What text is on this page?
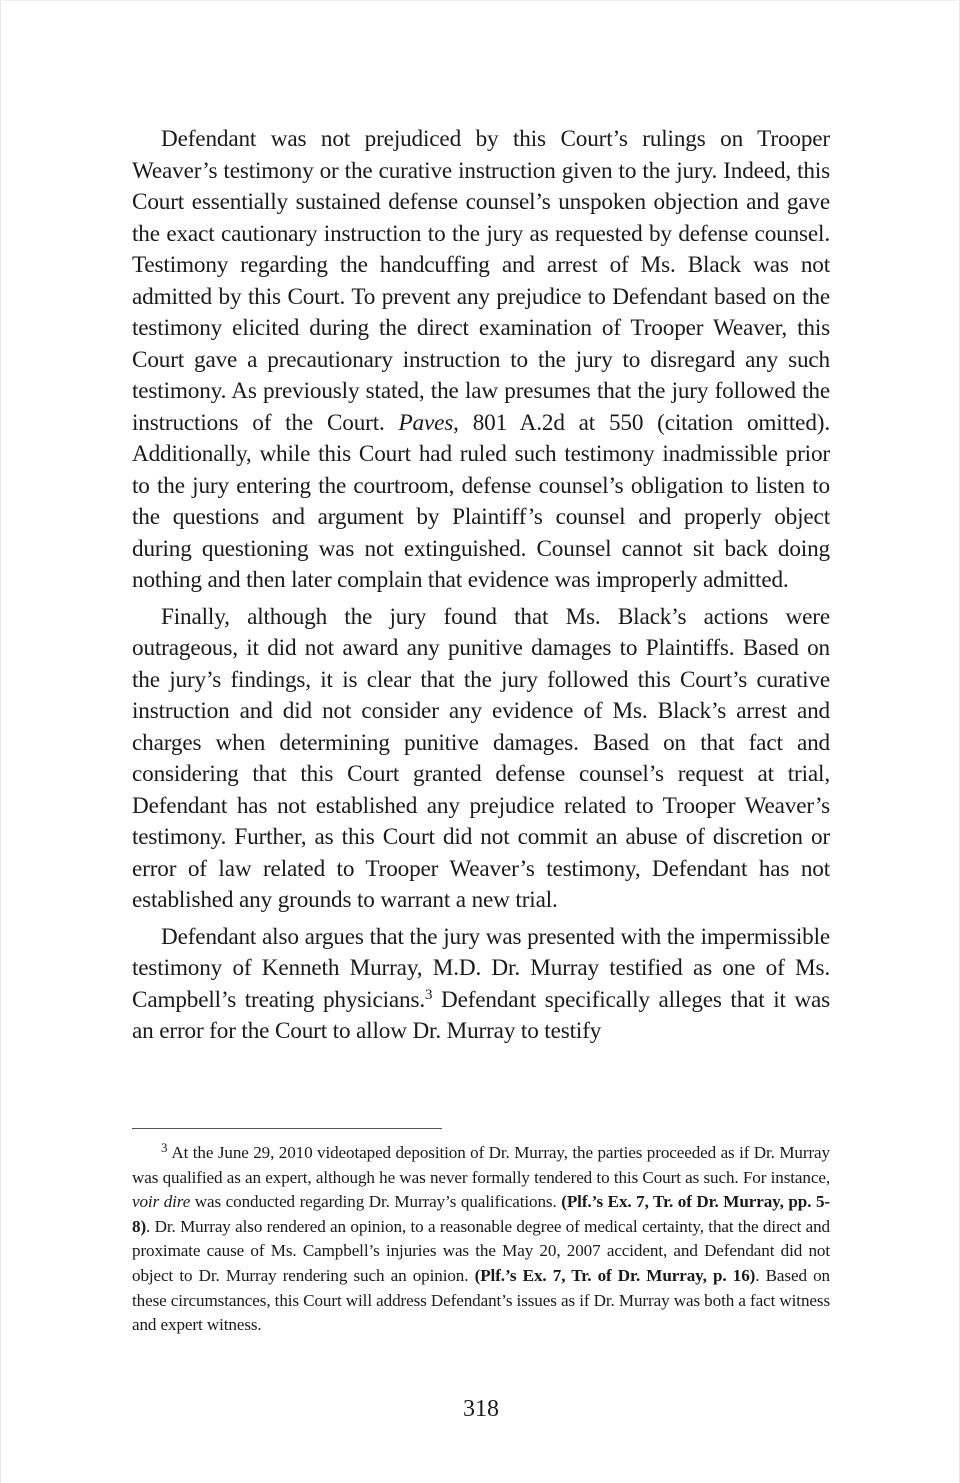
Defendant was not prejudiced by this Court’s rulings on Trooper Weaver’s testimony or the curative instruction given to the jury. Indeed, this Court essentially sustained defense counsel’s unspoken objection and gave the exact cautionary instruction to the jury as requested by defense counsel. Testimony regarding the handcuffing and arrest of Ms. Black was not admitted by this Court. To prevent any prejudice to Defendant based on the testimony elicited during the direct examination of Trooper Weaver, this Court gave a precautionary instruction to the jury to disregard any such testimony. As previously stated, the law presumes that the jury followed the instructions of the Court. Paves, 801 A.2d at 550 (citation omitted). Additionally, while this Court had ruled such testimony inadmissible prior to the jury entering the courtroom, defense counsel’s obligation to listen to the questions and argument by Plaintiff’s counsel and properly object during questioning was not extinguished. Counsel cannot sit back doing nothing and then later complain that evidence was improperly admitted.

Finally, although the jury found that Ms. Black’s actions were outrageous, it did not award any punitive damages to Plaintiffs. Based on the jury’s findings, it is clear that the jury followed this Court’s curative instruction and did not consider any evidence of Ms. Black’s arrest and charges when determining punitive damages. Based on that fact and considering that this Court granted defense counsel’s request at trial, Defendant has not established any prejudice related to Trooper Weaver’s testimony. Further, as this Court did not commit an abuse of discretion or error of law related to Trooper Weaver’s testimony, Defendant has not established any grounds to warrant a new trial.

Defendant also argues that the jury was presented with the impermissible testimony of Kenneth Murray, M.D. Dr. Murray testified as one of Ms. Campbell’s treating physicians.$^3$ Defendant specifically alleges that it was an error for the Court to allow Dr. Murray to testify

$^3$ At the June 29, 2010 videotaped deposition of Dr. Murray, the parties proceeded as if Dr. Murray was qualified as an expert, although he was never formally tendered to this Court as such. For instance, voir dire was conducted regarding Dr. Murray’s qualifications. (Plf.’s Ex. 7, Tr. of Dr. Murray, pp. 5-8). Dr. Murray also rendered an opinion, to a reasonable degree of medical certainty, that the direct and proximate cause of Ms. Campbell’s injuries was the May 20, 2007 accident, and Defendant did not object to Dr. Murray rendering such an opinion. (Plf.’s Ex. 7, Tr. of Dr. Murray, p. 16). Based on these circumstances, this Court will address Defendant’s issues as if Dr. Murray was both a fact witness and expert witness.

318
